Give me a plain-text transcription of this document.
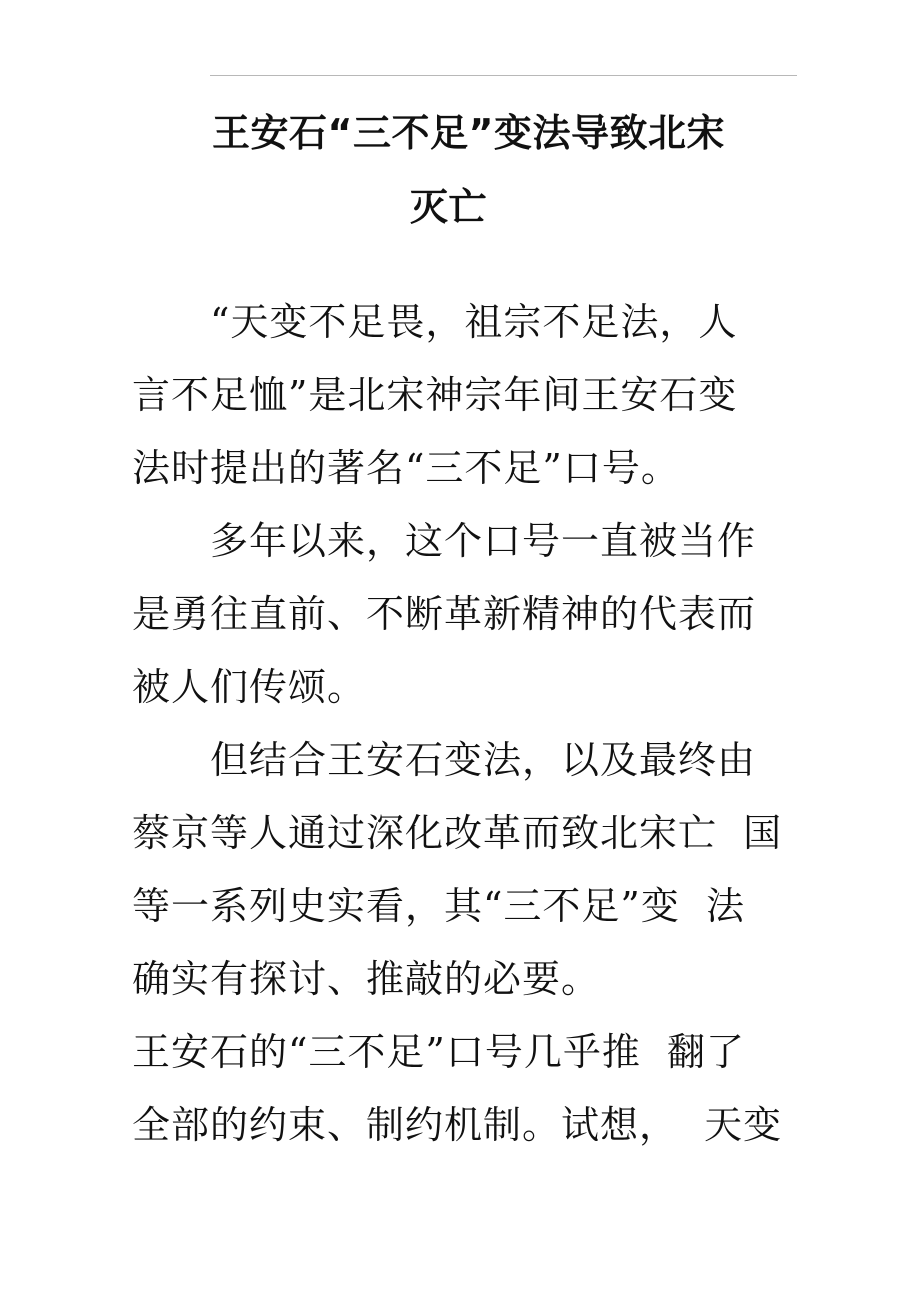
王安石“三不足”变法导致北宋
灭亡
“天变不足畏，祖宗不足法，人
言不足恤”是北宋神宗年间王安石变
法时提出的著名“三不足”口号。
多年以来，这个口号一直被当作
是勇往直前、不断革新精神的代表而
被人们传颂。
但结合王安石变法，以及最终由
蔡京等人通过深化改革而致北宋亡  国
等一系列史实看，其“三不足”变  法
确实有探讨、推敲的必要。
王安石的“三不足”口号几乎推  翻了
全部的约束、制约机制。试想，  天变
